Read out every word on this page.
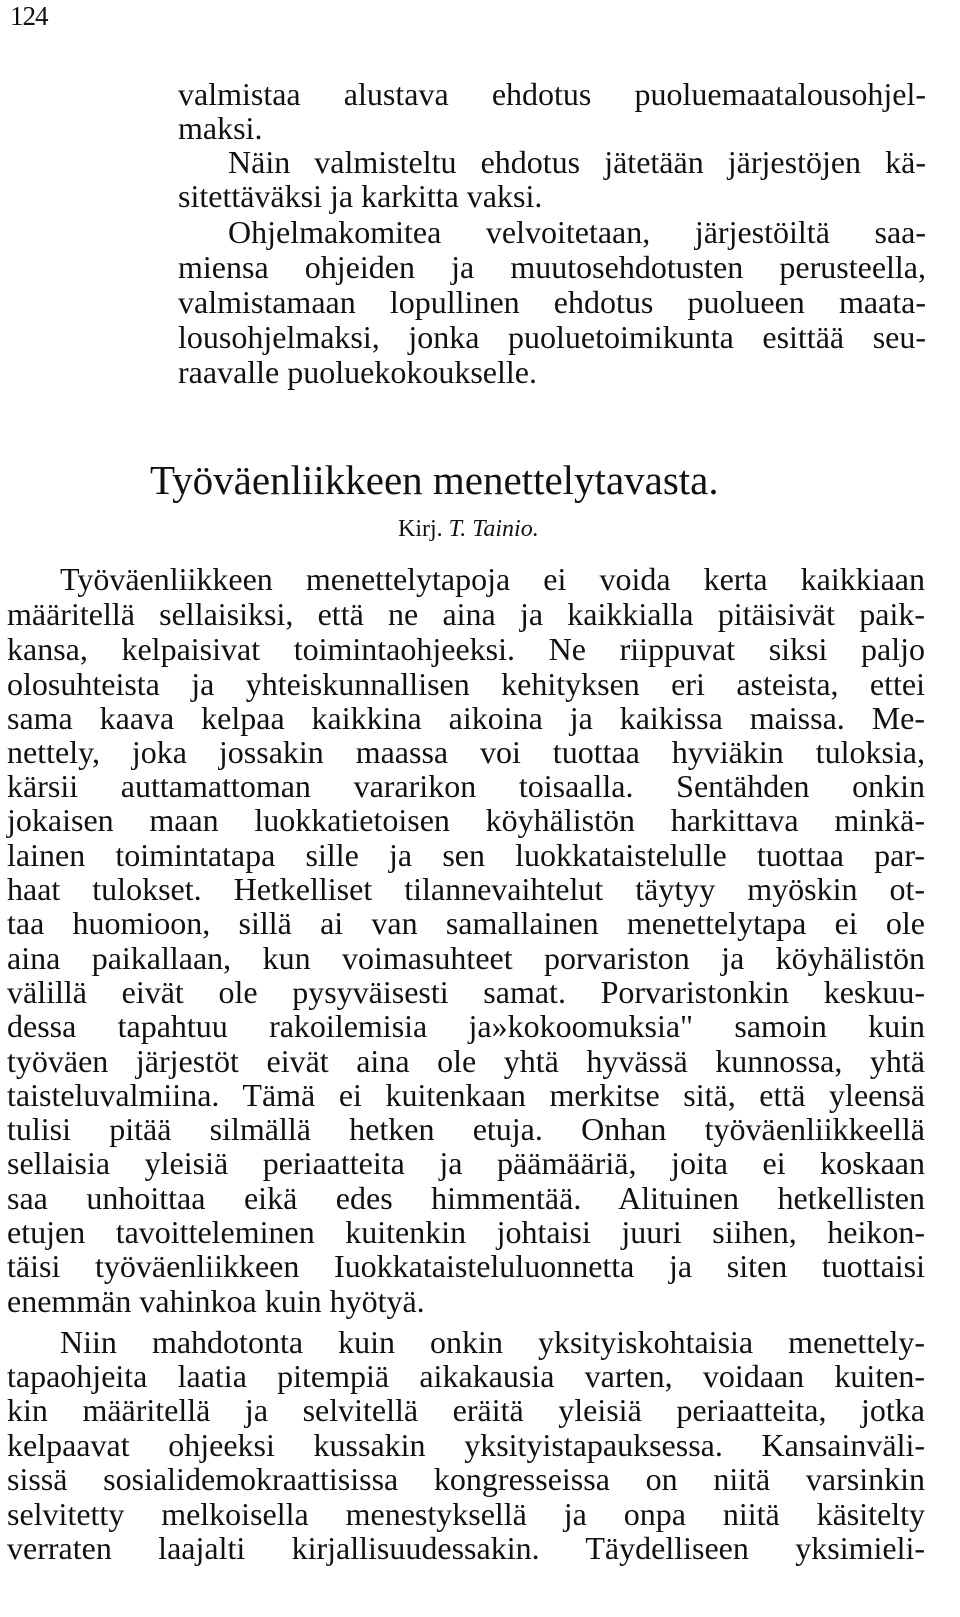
124
valmistaa alustava ehdotus puoluemaatalousohjel-
maksi.
Näin valmisteltu ehdotus jätetään järjestöjen kä-
sitettäväksi ja karkitta vaksi.
Ohjelmakomitea velvoitetaan, järjestöiltä saa-
miensa ohjeiden ja muutosehdotusten perusteella,
valmistamaan lopullinen ehdotus puolueen maata-
lousohjelmaksi, jonka puoluetoimikunta esittää seu-
raavalle puoluekokoukselle.
Työväenliikkeen menettelytavasta.
Kirj. T. Tainio.
Työväenliikkeen menettelytapoja ei voida kerta kaikkiaan
määritellä sellaisiksi, että ne aina ja kaikkialla pitäisivät paik-
kansa, kelpaisivat toimintaohjeeksi. Ne riippuvat siksi paljo
olosuhteista ja yhteiskunnallisen kehityksen eri asteista, ettei
sama kaava kelpaa kaikkina aikoina ja kaikissa maissa. Me-
nettely, joka jossakin maassa voi tuottaa hyviäkin tuloksia,
kärsii auttamattoman vararikon toisaalla. Sentähden onkin
jokaisen maan luokkatietoisen köyhälistön harkittava minkä-
lainen toimintatapa sille ja sen luokkataistelulle tuottaa par-
haat tulokset. Hetkelliset tilannevaihtelut täytyy myöskin ot-
taa huomioon, sillä ai van samallainen menettelytapa ei ole
aina paikallaan, kun voimasuhteet porvariston ja köyhälistön
välillä eivät ole pysyväisesti samat. Porvaristonkin keskuu-
dessa tapahtuu rakoilemisia ja»kokoomuksia" samoin kuin
työväen järjestöt eivät aina ole yhtä hyvässä kunnossa, yhtä
taisteluvalmiina. Tämä ei kuitenkaan merkitse sitä, että yleensä
tulisi pitää silmällä hetken etuja. Onhan työväenliikkeellä
sellaisia yleisiä periaatteita ja päämääriä, joita ei koskaan
saa unhoittaa eikä edes himmentää. Alituinen hetkellisten
etujen tavoitteleminen kuitenkin johtaisi juuri siihen, heikon-
täisi työväenliikkeen Iuokkataisteluluonnetta ja siten tuottaisi
enemmän vahinkoa kuin hyötyä.
Niin mahdotonta kuin onkin yksityiskohtaisia menettely-
tapaohjeita laatia pitempiä aikakausia varten, voidaan kuiten-
kin määritellä ja selvitellä eräitä yleisiä periaatteita, jotka
kelpaavat ohjeeksi kussakin yksityistapauksessa. Kansainväli-
sissä sosialidemokraattisissa kongresseissa on niitä varsinkin
selvitetty melkoisella menestyksellä ja onpa niitä käsitelty
verraten laajalti kirjallisuudessakin. Täydelliseen yksimieli-
